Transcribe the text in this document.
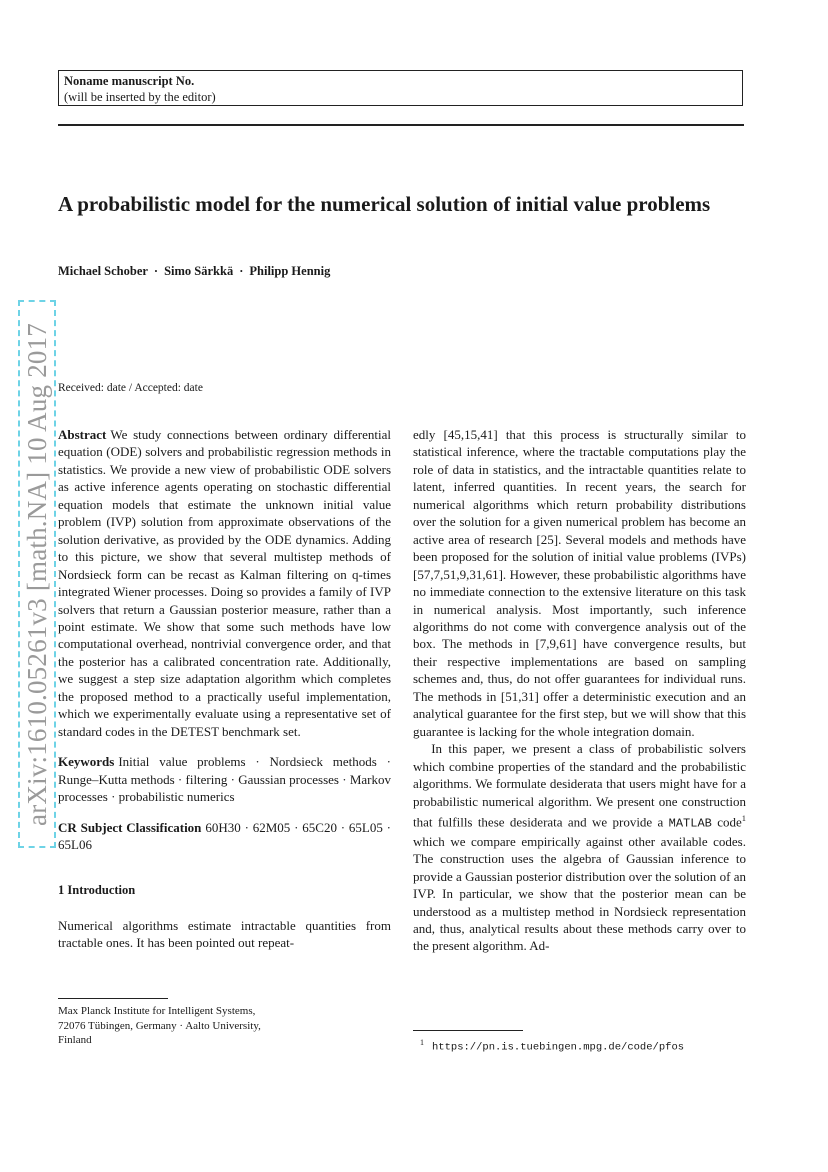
Noname manuscript No.
(will be inserted by the editor)
A probabilistic model for the numerical solution of initial value problems
Michael Schober · Simo Särkkä · Philipp Hennig
arXiv:1610.05261v3 [math.NA] 10 Aug 2017 Received: date / Accepted: date

Abstract We study connections between ordinary differential equation (ODE) solvers and probabilistic regression methods in statistics. We provide a new view of probabilistic ODE solvers as active inference agents operating on stochastic differential equation models that estimate the unknown initial value problem (IVP) solution from approximate observations of the solution derivative, as provided by the ODE dynamics. Adding to this picture, we show that several multistep methods of Nordsieck form can be recast as Kalman filtering on q-times integrated Wiener processes. Doing so provides a family of IVP solvers that return a Gaussian posterior measure, rather than a point estimate. We show that some such methods have low computational overhead, nontrivial convergence order, and that the posterior has a calibrated concentration rate. Additionally, we suggest a step size adaptation algorithm which completes the proposed method to a practically useful implementation, which we experimentally evaluate using a representative set of standard codes in the DETEST benchmark set.

Keywords Initial value problems · Nordsieck methods · Runge–Kutta methods · filtering · Gaussian processes · Markov processes · probabilistic numerics

CR Subject Classification 60H30 · 62M05 · 65C20 · 65L05 · 65L06

1 Introduction

Numerical algorithms estimate intractable quantities from tractable ones. It has been pointed out repeat-

Max Planck Institute for Intelligent Systems,
72076 Tübingen, Germany · Aalto University,
Finland

edly [45,15,41] that this process is structurally similar to statistical inference, where the tractable computations play the role of data in statistics, and the intractable quantities relate to latent, inferred quantities. In recent years, the search for numerical algorithms which return probability distributions over the solution for a given numerical problem has become an active area of research [25]. Several models and methods have been proposed for the solution of initial value problems (IVPs) [57,7,51,9,31,61]. However, these probabilistic algorithms have no immediate connection to the extensive literature on this task in numerical analysis. Most importantly, such inference algorithms do not come with convergence analysis out of the box. The methods in [7,9,61] have convergence results, but their respective implementations are based on sampling schemes and, thus, do not offer guarantees for individual runs. The methods in [51,31] offer a deterministic execution and an analytical guarantee for the first step, but we will show that this guarantee is lacking for the whole integration domain.

In this paper, we present a class of probabilistic solvers which combine properties of the standard and the probabilistic algorithms. We formulate desiderata that users might have for a probabilistic numerical algorithm. We present one construction that fulfills these desiderata and we provide a MATLAB code$^1$ which we compare empirically against other available codes. The construction uses the algebra of Gaussian inference to provide a Gaussian posterior distribution over the solution of an IVP. In particular, we show that the posterior mean can be understood as a multistep method in Nordsieck representation and, thus, analytical results about these methods carry over to the present algorithm. Ad-

$^1$ https://pn.is.tuebingen.mpg.de/code/pfos
